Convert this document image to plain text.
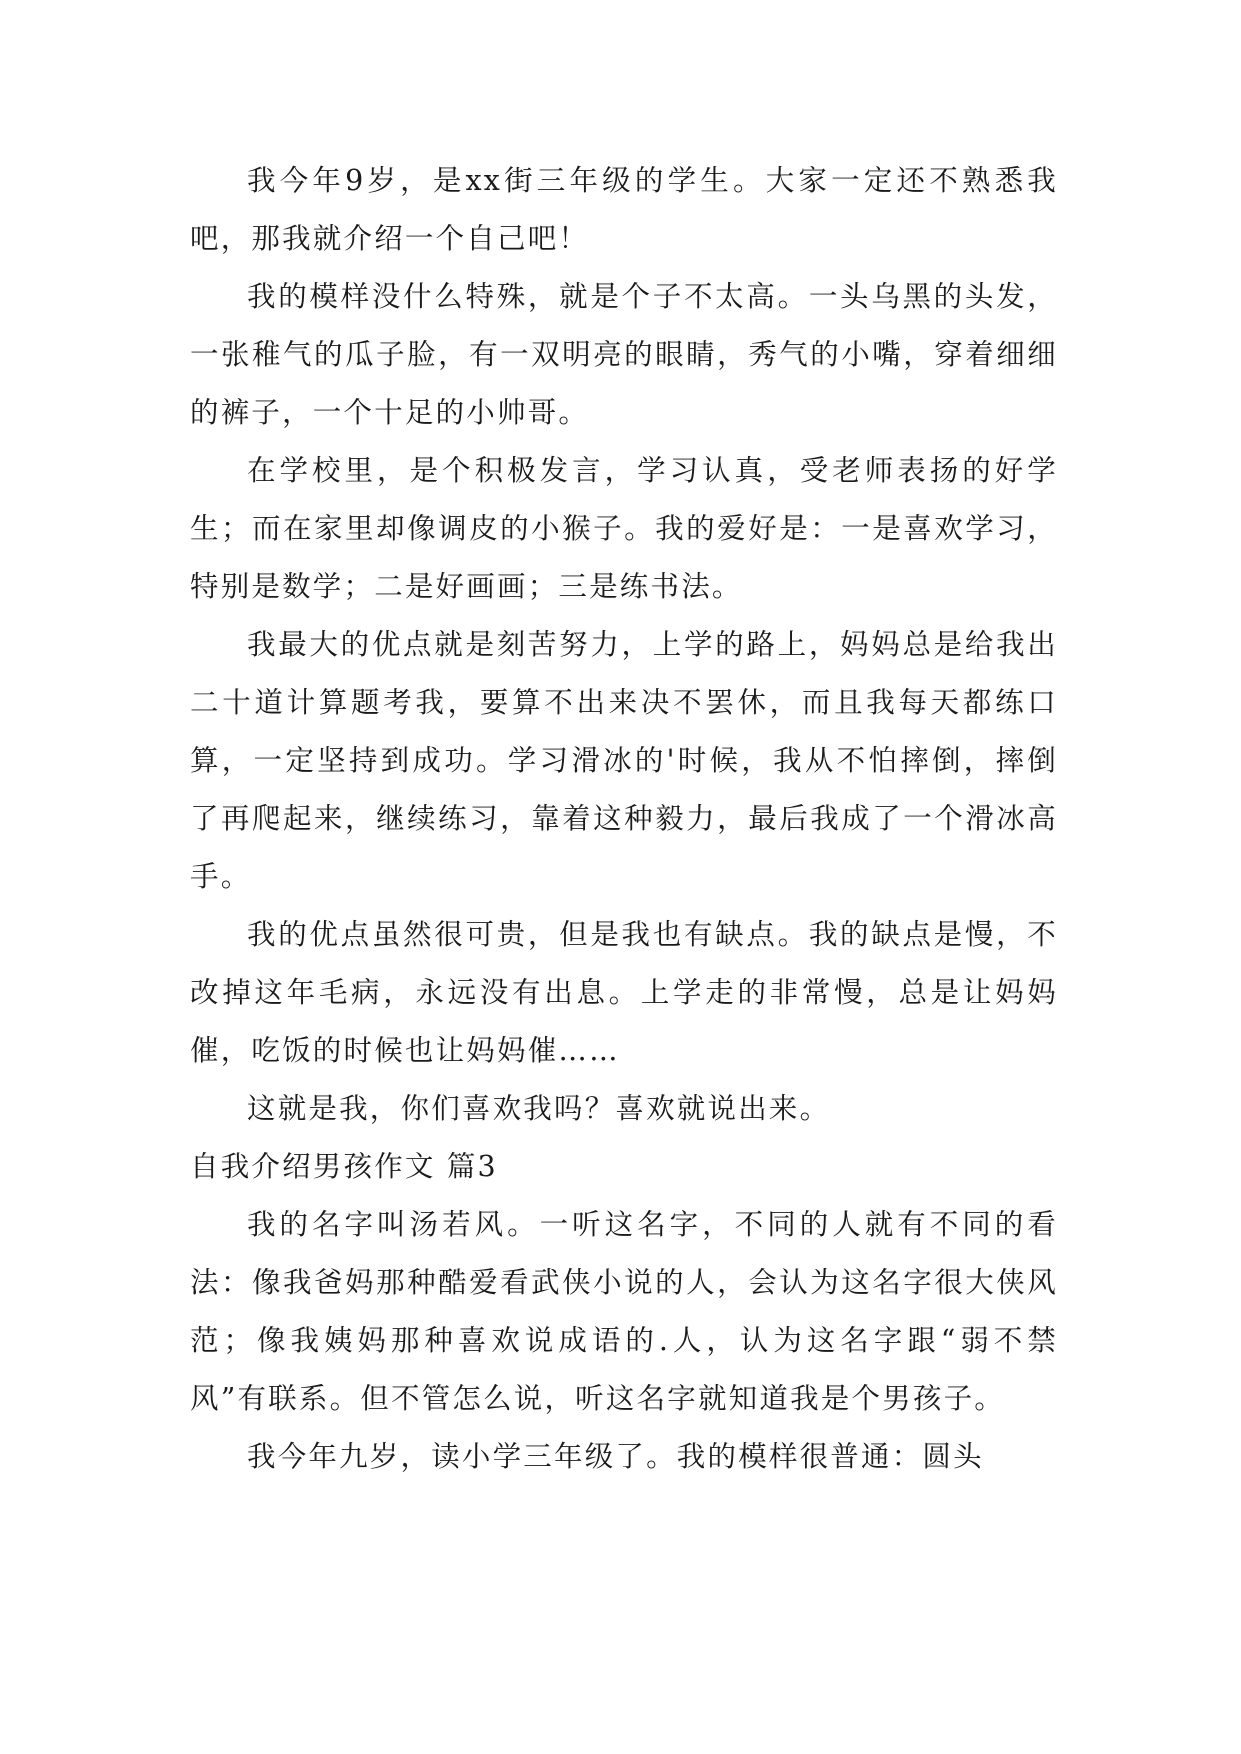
我今年9岁，是xx街三年级的学生。大家一定还不熟悉我吧，那我就介绍一个自己吧！

我的模样没什么特殊，就是个子不太高。一头乌黑的头发，一张稚气的瓜子脸，有一双明亮的眼睛，秀气的小嘴，穿着细细的裤子，一个十足的小帅哥。

在学校里，是个积极发言，学习认真，受老师表扬的好学生；而在家里却像调皮的小猴子。我的爱好是：一是喜欢学习，特别是数学；二是好画画；三是练书法。

我最大的优点就是刻苦努力，上学的路上，妈妈总是给我出二十道计算题考我，要算不出来决不罢休，而且我每天都练口算，一定坚持到成功。学习滑冰的'时候，我从不怕摔倒，摔倒了再爬起来，继续练习，靠着这种毅力，最后我成了一个滑冰高手。

我的优点虽然很可贵，但是我也有缺点。我的缺点是慢，不改掉这年毛病，永远没有出息。上学走的非常慢，总是让妈妈催，吃饭的时候也让妈妈催……

这就是我，你们喜欢我吗？喜欢就说出来。

自我介绍男孩作文 篇3

我的名字叫汤若风。一听这名字，不同的人就有不同的看法：像我爸妈那种酷爱看武侠小说的人，会认为这名字很大侠风范；像我姨妈那种喜欢说成语的.人，认为这名字跟“弱不禁风”有联系。但不管怎么说，听这名字就知道我是个男孩子。

我今年九岁，读小学三年级了。我的模样很普通：圆头
